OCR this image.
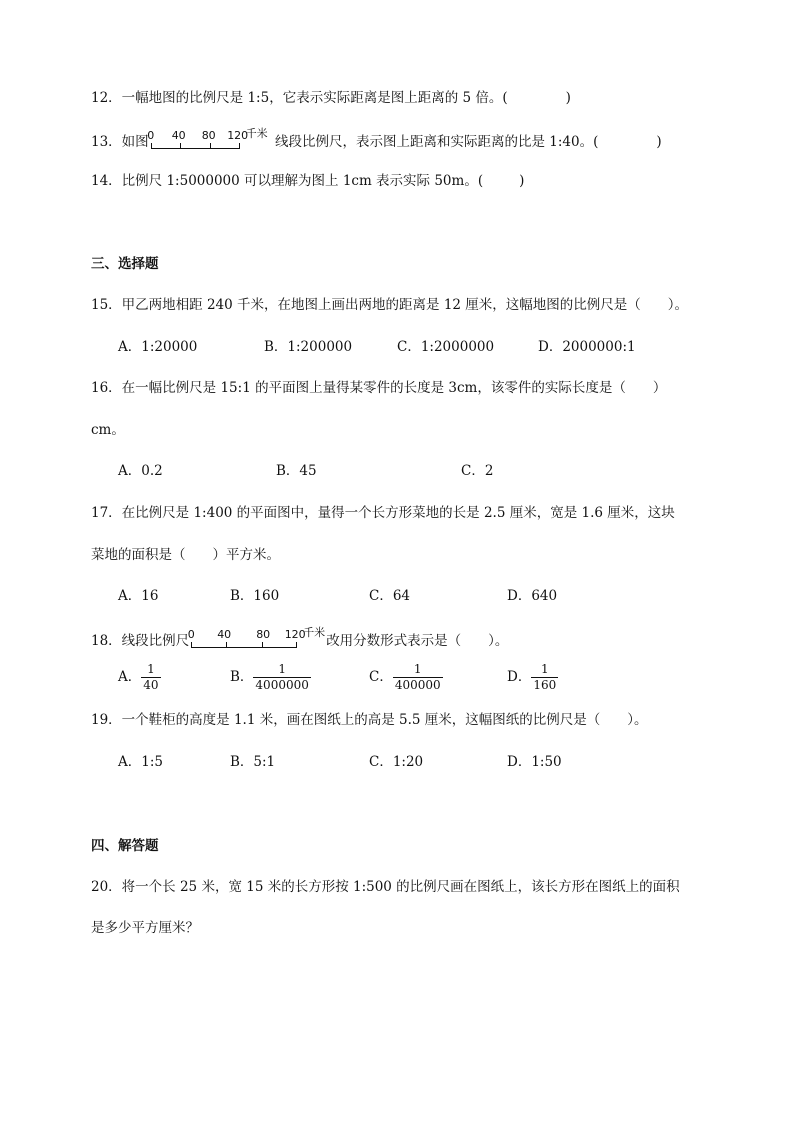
12．一幅地图的比例尺是 1:5，它表示实际距离是图上距离的 5 倍。(	)
13．如图
0 40 80 120
千米
线段比例尺，表示图上距离和实际距离的比是 1:40。(	)
14．比例尺 1:5000000 可以理解为图上 1cm 表示实际 50m。(	)
三、选择题
15．甲乙两地相距 240 千米，在地图上画出两地的距离是 12 厘米，这幅地图的比例尺是（　　）。
A．1:20000	B．1:200000	C．1:2000000	D．2000000:1
16．在一幅比例尺是 15:1 的平面图上量得某零件的长度是 3cm，该零件的实际长度是（　　）
cm。
A．0.2	B．45	C．2
17．在比例尺是 1:400 的平面图中，量得一个长方形菜地的长是 2.5 厘米，宽是 1.6 厘米，这块
菜地的面积是（　　）平方米。
A．16	B．160	C．64	D．640
18．线段比例尺
0 40 80 120
千米
改用分数形式表示是（　　）。
A． $\frac{1}{40}$	B． $\frac{1}{4000000}$	C． $\frac{1}{400000}$	D． $\frac{1}{160}$
19．一个鞋柜的高度是 1.1 米，画在图纸上的高是 5.5 厘米，这幅图纸的比例尺是（　　）。
A．1:5	B．5:1	C．1:20	D．1:50
四、解答题
20．将一个长 25 米，宽 15 米的长方形按 1:500 的比例尺画在图纸上，该长方形在图纸上的面积
是多少平方厘米？
